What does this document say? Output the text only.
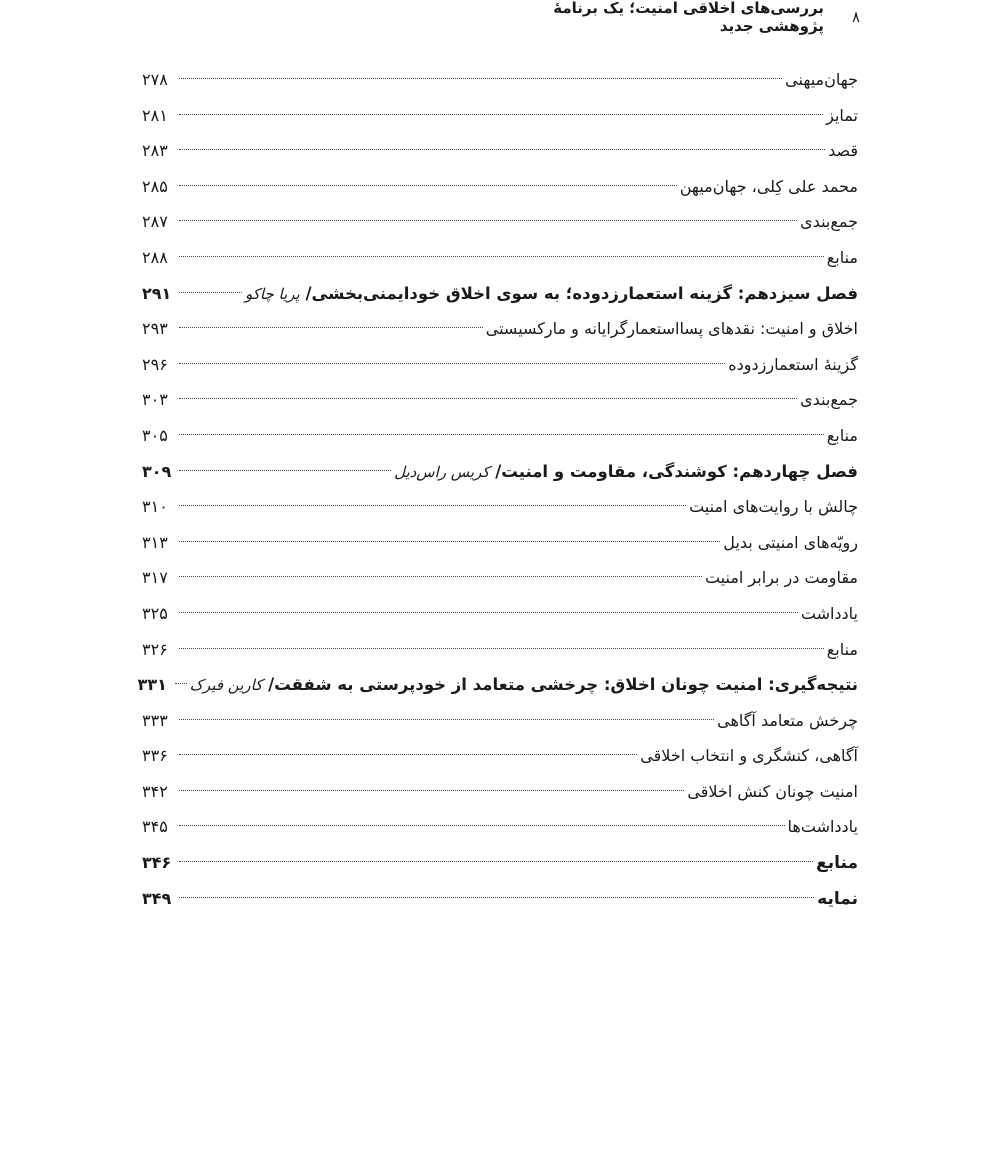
۸
بررسی‌های اخلاقی امنیت؛ یک برنامهٔ پژوهشی جدید
جهان‌میهنی
۲۷۸
تمایز
۲۸۱
قصد
۲۸۳
محمد علی کِلی، جهان‌میهن
۲۸۵
جمع‌بندی
۲۸۷
منابع
۲۸۸
فصل سیزدهم: گزینه استعمارزدوده؛ به سوی اخلاق خودایمنی‌بخشی/ پریا چاکو
۲۹۱
اخلاق و امنیت: نقدهای پسااستعمارگرایانه و مارکسیستی
۲۹۳
گزینهٔ استعمارزدوده
۲۹۶
جمع‌بندی
۳۰۳
منابع
۳۰۵
فصل چهاردهم: کوشندگی، مقاومت و امنیت/ کریس راس‌دیل
۳۰۹
چالش با روایت‌های امنیت
۳۱۰
رویّه‌های امنیتی بدیل
۳۱۳
مقاومت در برابر امنیت
۳۱۷
یادداشت
۳۲۵
منابع
۳۲۶
نتیجه‌گیری: امنیت چونان اخلاق: چرخشی متعامد از خودپرستی به شفقت/ کارین فیرک
۳۳۱
چرخش متعامد آگاهی
۳۳۳
آگاهی، کنشگری و انتخاب اخلاقی
۳۳۶
امنیت چونان کنش اخلاقی
۳۴۲
یادداشت‌ها
۳۴۵
منابع
۳۴۶
نمایه
۳۴۹
